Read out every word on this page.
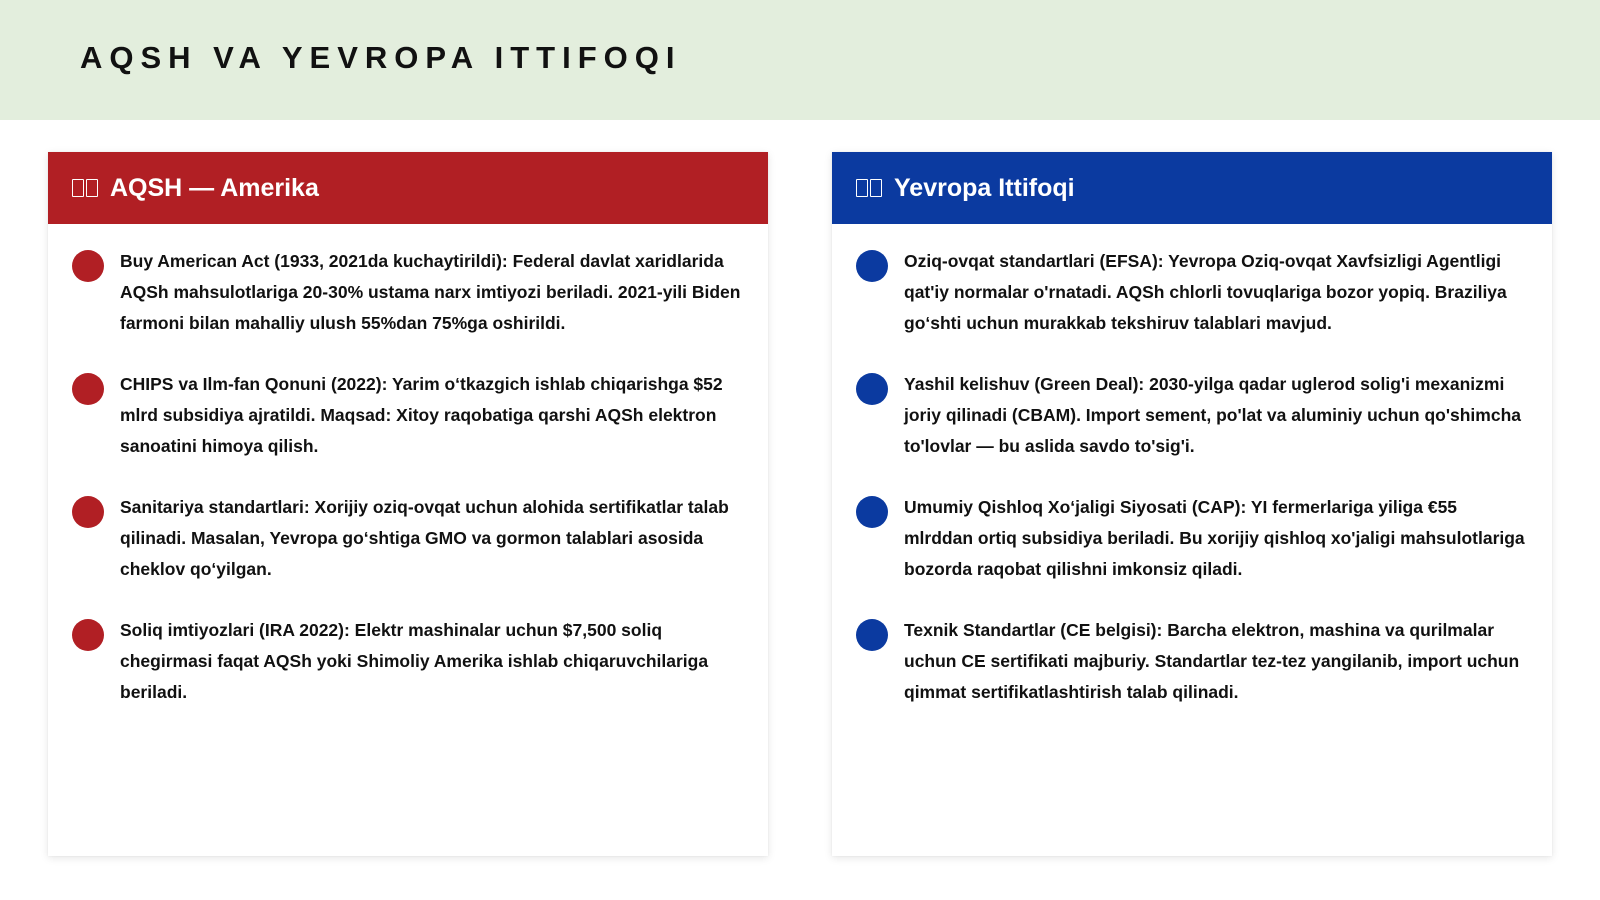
AQSH VA YEVROPA ITTIFOQI
AQSH — Amerika
Buy American Act (1933, 2021da kuchaytirildi): Federal davlat xaridlarida AQSh mahsulotlariga 20-30% ustama narx imtiyozi beriladi. 2021-yili Biden farmoni bilan mahalliy ulush 55%dan 75%ga oshirildi.
CHIPS va Ilm-fan Qonuni (2022): Yarim o‘tkazgich ishlab chiqarishga $52 mlrd subsidiya ajratildi. Maqsad: Xitoy raqobatiga qarshi AQSh elektron sanoatini himoya qilish.
Sanitariya standartlari: Xorijiy oziq-ovqat uchun alohida sertifikatlar talab qilinadi. Masalan, Yevropa go‘shtiga GMO va gormon talablari asosida cheklov qo‘yilgan.
Soliq imtiyozlari (IRA 2022): Elektr mashinalar uchun $7,500 soliq chegirmasi faqat AQSh yoki Shimoliy Amerika ishlab chiqaruvchilariga beriladi.
Yevropa Ittifoqi
Oziq-ovqat standartlari (EFSA): Yevropa Oziq-ovqat Xavfsizligi Agentligi qat'iy normalar o'rnatadi. AQSh chlorli tovuqlariga bozor yopiq. Braziliya go‘shti uchun murakkab tekshiruv talablari mavjud.
Yashil kelishuv (Green Deal): 2030-yilga qadar uglerod solig'i mexanizmi joriy qilinadi (CBAM). Import sement, po'lat va aluminiy uchun qo'shimcha to'lovlar — bu aslida savdo to'sig'i.
Umumiy Qishloq Xo‘jaligi Siyosati (CAP): YI fermerlariga yiliga €55 mlrddan ortiq subsidiya beriladi. Bu xorijiy qishloq xo'jaligi mahsulotlariga bozorda raqobat qilishni imkonsiz qiladi.
Texnik Standartlar (CE belgisi): Barcha elektron, mashina va qurilmalar uchun CE sertifikati majburiy. Standartlar tez-tez yangilanib, import uchun qimmat sertifikatlashtirish talab qilinadi.
